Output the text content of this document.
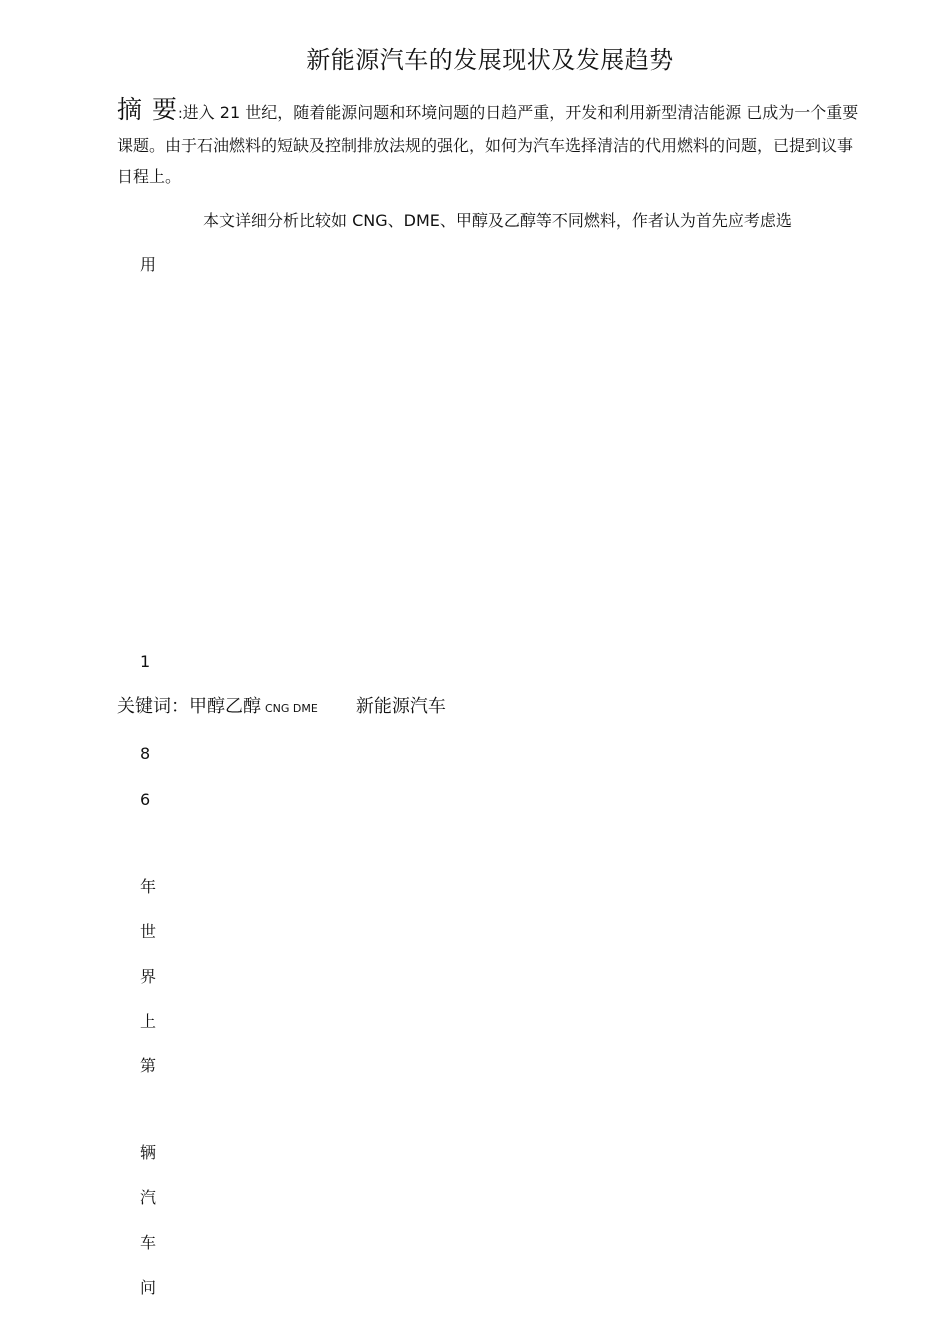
新能源汽车的发展现状及发展趋势
摘 要:进入 21 世纪，随着能源问题和环境问题的日趋严重，开发和利用新型清洁能源 已成为一个重要课题。由于石油燃料的短缺及控制排放法规的强化，如何为汽车选择清洁的代用燃料的问题，已提到议事日程上。
本文详细分析比较如 CNG、DME、甲醇及乙醇等不同燃料，作者认为首先应考虑选
用
1
关键词：甲醇乙醇 CNG DME 新能源汽车
8
6
年
世
界
上
第
辆
汽
车
问
